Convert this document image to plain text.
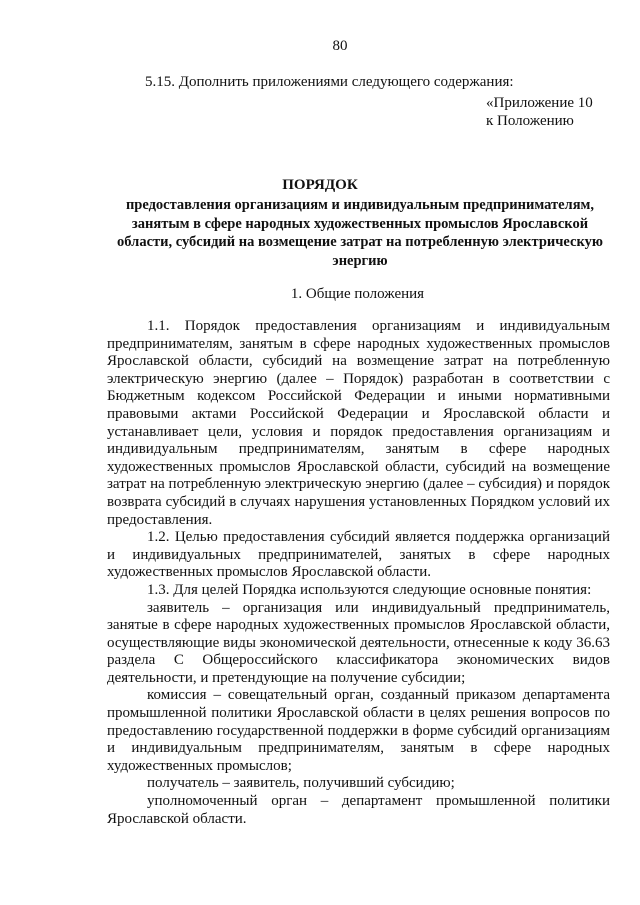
80
5.15. Дополнить приложениями следующего содержания:
«Приложение 10
к Положению
ПОРЯДОК
предоставления организациям и индивидуальным предпринимателям, занятым в сфере народных художественных промыслов Ярославской области, субсидий на возмещение затрат на потребленную электрическую энергию
1. Общие положения

1.1. Порядок предоставления организациям и индивидуальным предпринимателям, занятым в сфере народных художественных промыслов Ярославской области, субсидий на возмещение затрат на потребленную электрическую энергию (далее – Порядок) разработан в соответствии с Бюджетным кодексом Российской Федерации и иными нормативными правовыми актами Российской Федерации и Ярославской области и устанавливает цели, условия и порядок предоставления организациям и индивидуальным предпринимателям, занятым в сфере народных художественных промыслов Ярославской области, субсидий на возмещение затрат на потребленную электрическую энергию (далее – субсидия) и порядок возврата субсидий в случаях нарушения установленных Порядком условий их предоставления.

1.2. Целью предоставления субсидий является поддержка организаций и индивидуальных предпринимателей, занятых в сфере народных художественных промыслов Ярославской области.

1.3. Для целей Порядка используются следующие основные понятия:

заявитель – организация или индивидуальный предприниматель, занятые в сфере народных художественных промыслов Ярославской области, осуществляющие виды экономической деятельности, отнесенные к коду 36.63 раздела С Общероссийского классификатора экономических видов деятельности, и претендующие на получение субсидии;

комиссия – совещательный орган, созданный приказом департамента промышленной политики Ярославской области в целях решения вопросов по предоставлению государственной поддержки в форме субсидий организациям и индивидуальным предпринимателям, занятым в сфере народных художественных промыслов;

получатель – заявитель, получивший субсидию;

уполномоченный орган – департамент промышленной политики Ярославской области.
